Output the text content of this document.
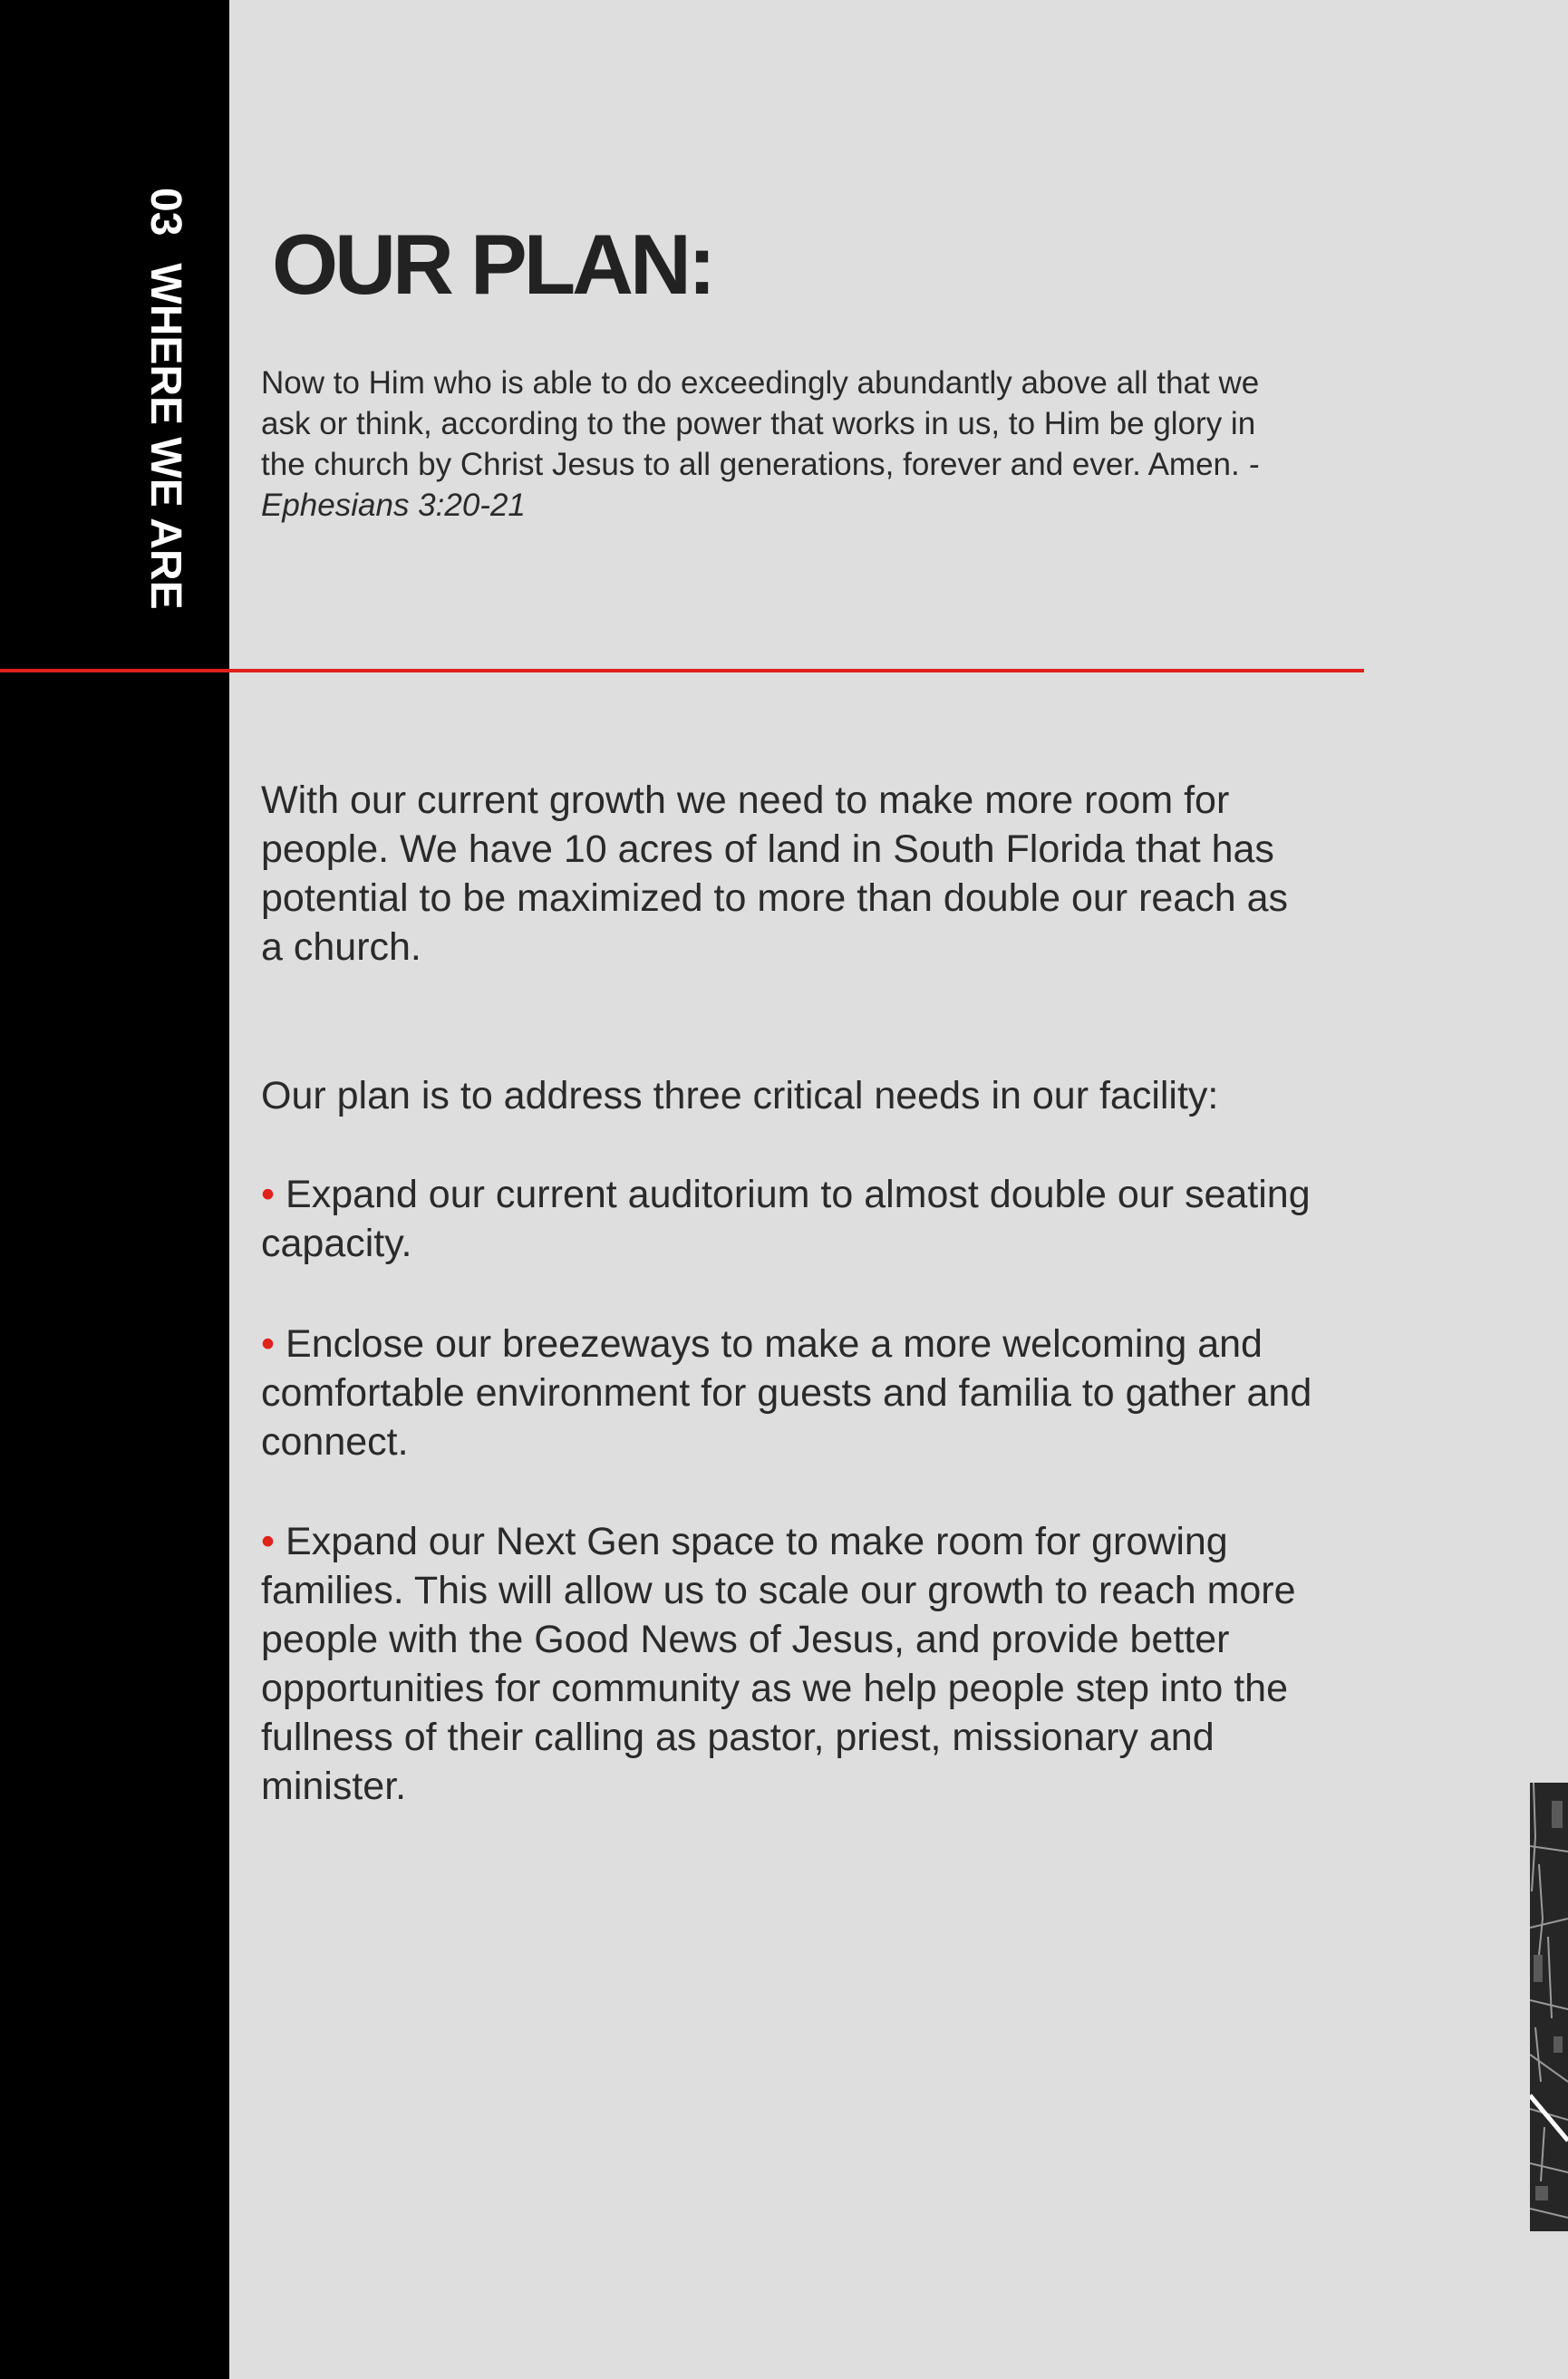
03WHERE WE ARE OUR PLAN:

Now to Him who is able to do exceedingly abundantly above all that we ask or think, according to the power that works in us, to Him be glory in the church by Christ Jesus to all generations, forever and ever. Amen. -Ephesians 3:20-21

With our current growth we need to make more room for people. We have 10 acres of land in South Florida that has potential to be maximized to more than double our reach as a church.

Our plan is to address three critical needs in our facility:

• Expand our current auditorium to almost double our seating capacity.

• Enclose our breezeways to make a more welcoming and comfortable environment for guests and familia to gather and connect.

• Expand our Next Gen space to make room for growing families. This will allow us to scale our growth to reach more people with the Good News of Jesus, and provide better opportunities for community as we help people step into the fullness of their calling as pastor, priest, missionary and minister.
